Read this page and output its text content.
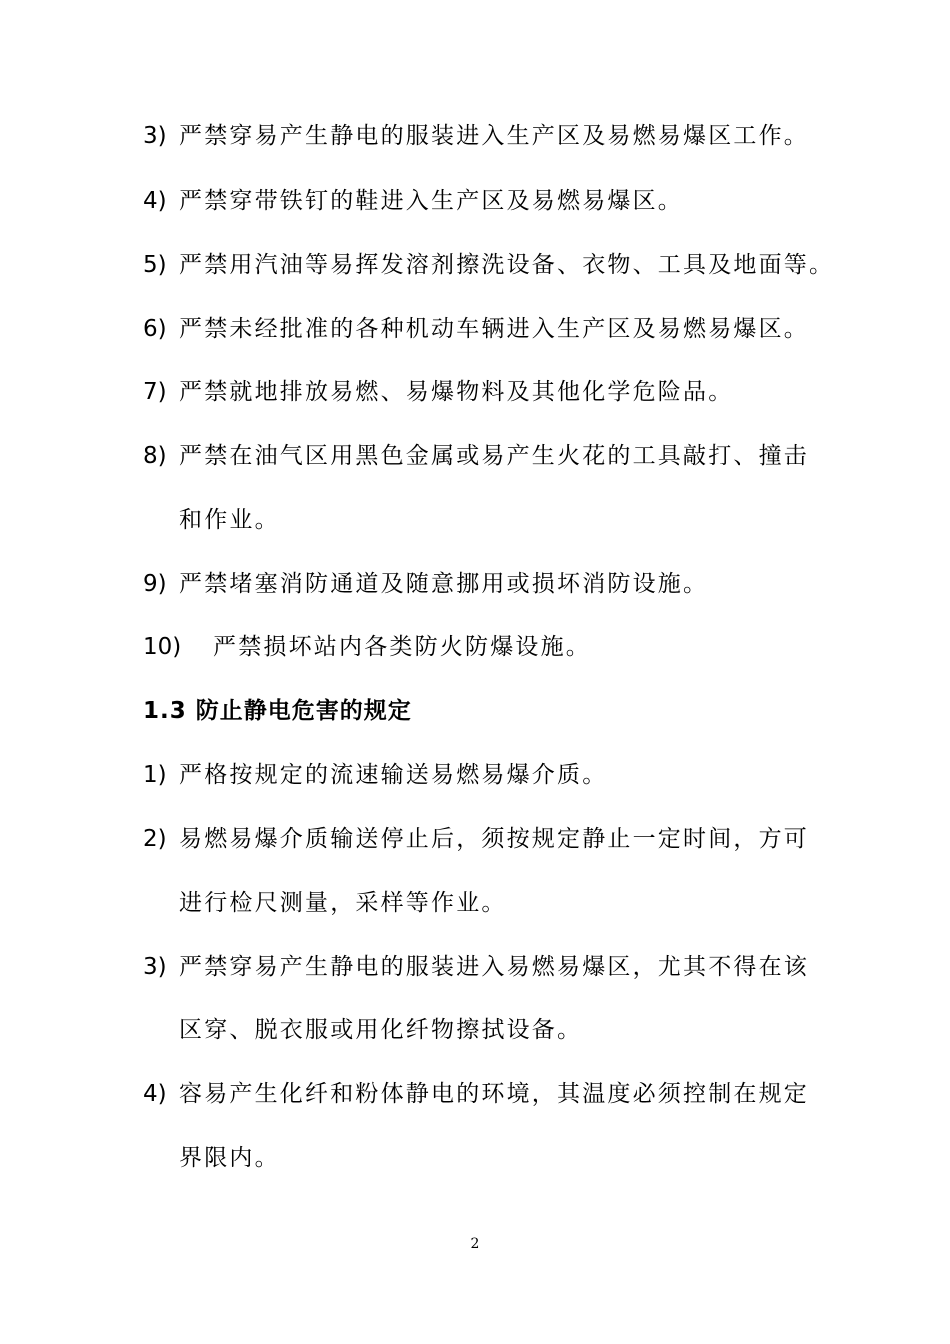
3) 严禁穿易产生静电的服装进入生产区及易燃易爆区工作。
4) 严禁穿带铁钉的鞋进入生产区及易燃易爆区。
5) 严禁用汽油等易挥发溶剂擦洗设备、衣物、工具及地面等。
6) 严禁未经批准的各种机动车辆进入生产区及易燃易爆区。
7) 严禁就地排放易燃、易爆物料及其他化学危险品。
8) 严禁在油气区用黑色金属或易产生火花的工具敲打、撞击
和作业。
9) 严禁堵塞消防通道及随意挪用或损坏消防设施。
10) 严禁损坏站内各类防火防爆设施。
1.3 防止静电危害的规定
1) 严格按规定的流速输送易燃易爆介质。
2) 易燃易爆介质输送停止后，须按规定静止一定时间，方可
进行检尺测量，采样等作业。
3) 严禁穿易产生静电的服装进入易燃易爆区，尤其不得在该
区穿、脱衣服或用化纤物擦拭设备。
4) 容易产生化纤和粉体静电的环境，其温度必须控制在规定
界限内。
2
